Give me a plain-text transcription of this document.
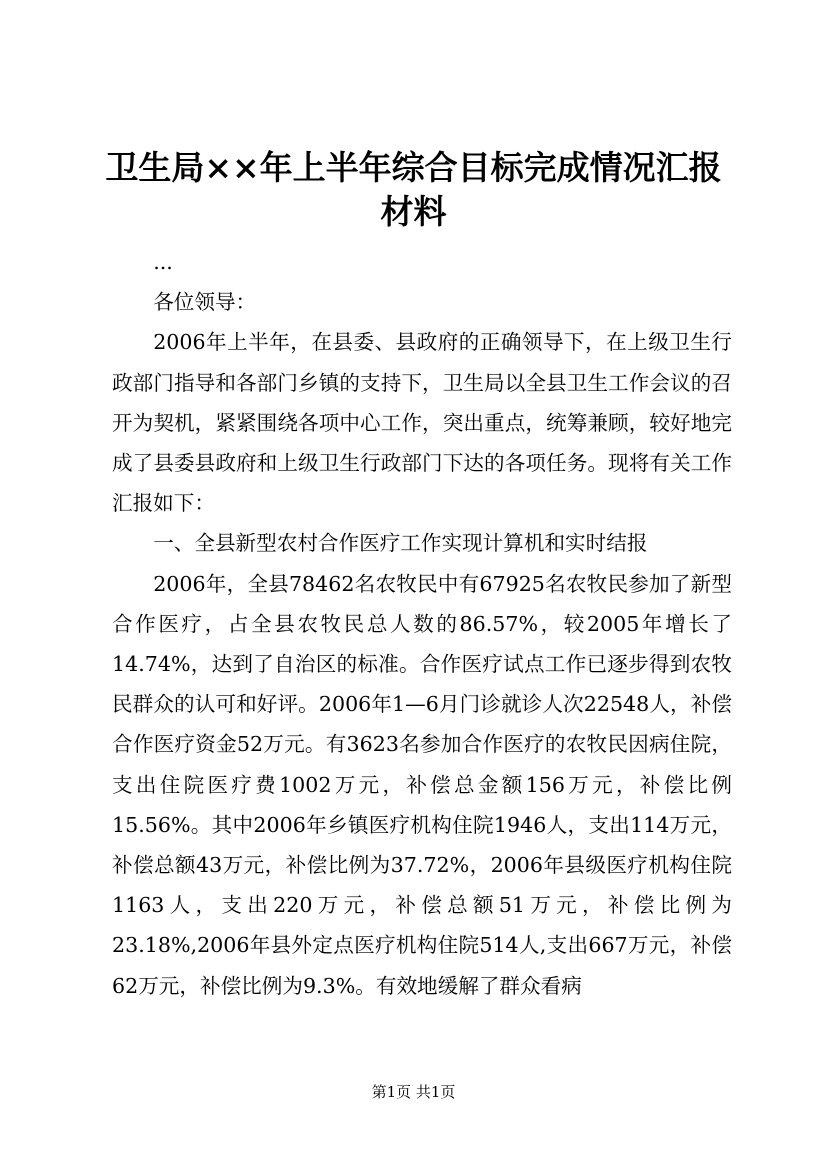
卫生局××年上半年综合目标完成情况汇报材料

...

各位领导：

2006年上半年，在县委、县政府的正确领导下，在上级卫生行政部门指导和各部门乡镇的支持下，卫生局以全县卫生工作会议的召开为契机，紧紧围绕各项中心工作，突出重点，统筹兼顾，较好地完成了县委县政府和上级卫生行政部门下达的各项任务。现将有关工作汇报如下：

一、全县新型农村合作医疗工作实现计算机和实时结报

2006年，全县78462名农牧民中有67925名农牧民参加了新型合作医疗，占全县农牧民总人数的86.57%，较2005年增长了14.74%，达到了自治区的标准。合作医疗试点工作已逐步得到农牧民群众的认可和好评。2006年1—6月门诊就诊人次22548人，补偿合作医疗资金52万元。有3623名参加合作医疗的农牧民因病住院，支出住院医疗费1002万元，补偿总金额156万元，补偿比例15.56%。其中2006年乡镇医疗机构住院1946人，支出114万元，补偿总额43万元，补偿比例为37.72%，2006年县级医疗机构住院1163人，支出220万元，补偿总额51万元，补偿比例为23.18%,2006年县外定点医疗机构住院514人,支出667万元，补偿62万元，补偿比例为9.3%。有效地缓解了群众看病

第1页 共1页
